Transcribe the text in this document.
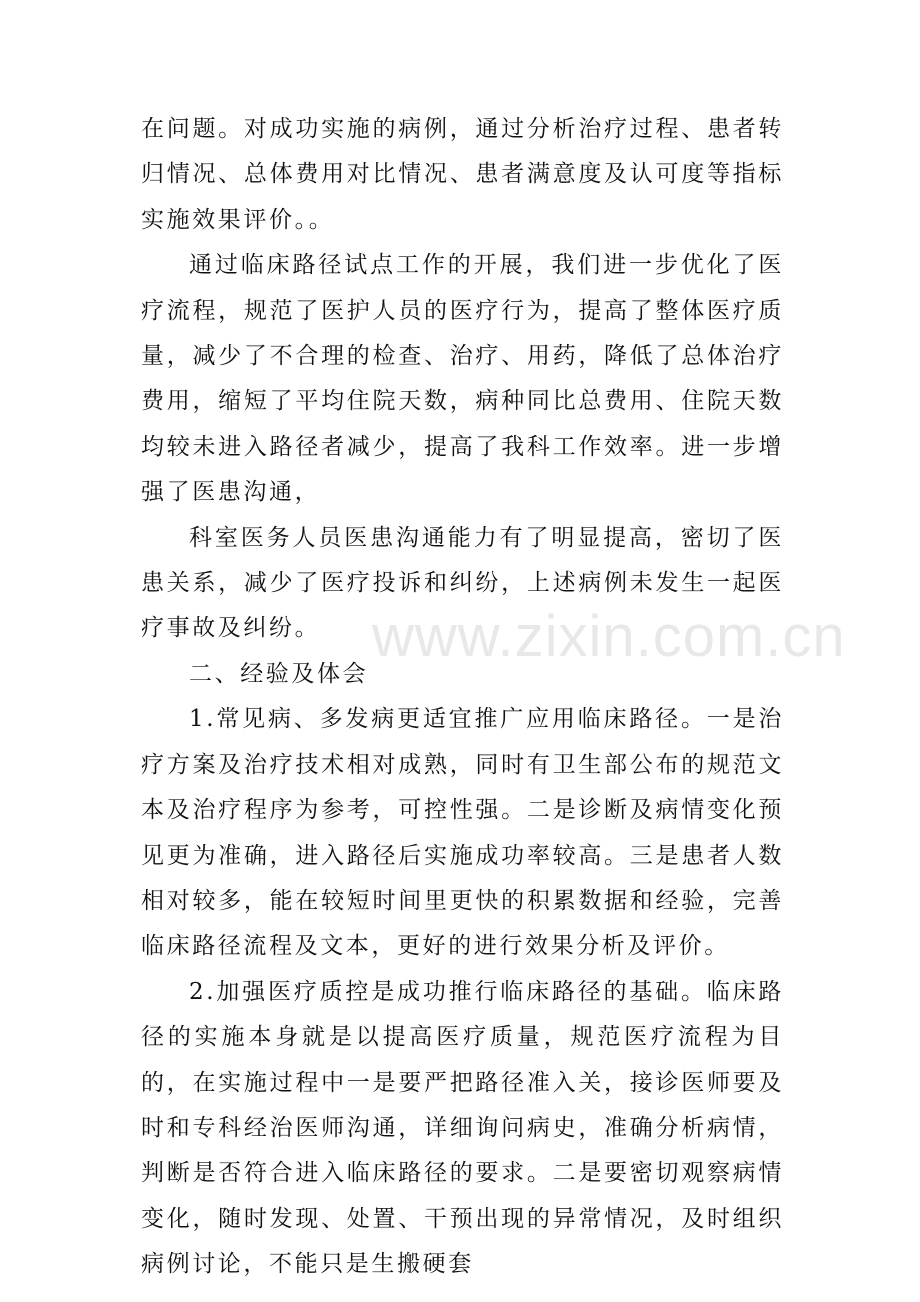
在问题。对成功实施的病例，通过分析治疗过程、患者转归情况、总体费用对比情况、患者满意度及认可度等指标实施效果评价。。

通过临床路径试点工作的开展，我们进一步优化了医疗流程，规范了医护人员的医疗行为，提高了整体医疗质量，减少了不合理的检查、治疗、用药，降低了总体治疗费用，缩短了平均住院天数，病种同比总费用、住院天数均较未进入路径者减少，提高了我科工作效率。进一步增强了医患沟通，

科室医务人员医患沟通能力有了明显提高，密切了医患关系，减少了医疗投诉和纠纷，上述病例未发生一起医疗事故及纠纷。

二、经验及体会

1.常见病、多发病更适宜推广应用临床路径。一是治疗方案及治疗技术相对成熟，同时有卫生部公布的规范文本及治疗程序为参考，可控性强。二是诊断及病情变化预见更为准确，进入路径后实施成功率较高。三是患者人数相对较多，能在较短时间里更快的积累数据和经验，完善临床路径流程及文本，更好的进行效果分析及评价。

2.加强医疗质控是成功推行临床路径的基础。临床路径的实施本身就是以提高医疗质量，规范医疗流程为目的，在实施过程中一是要严把路径准入关，接诊医师要及时和专科经治医师沟通，详细询问病史，准确分析病情，判断是否符合进入临床路径的要求。二是要密切观察病情变化，随时发现、处置、干预出现的异常情况，及时组织病例讨论，不能只是生搬硬套

www.zixin.com.cn
